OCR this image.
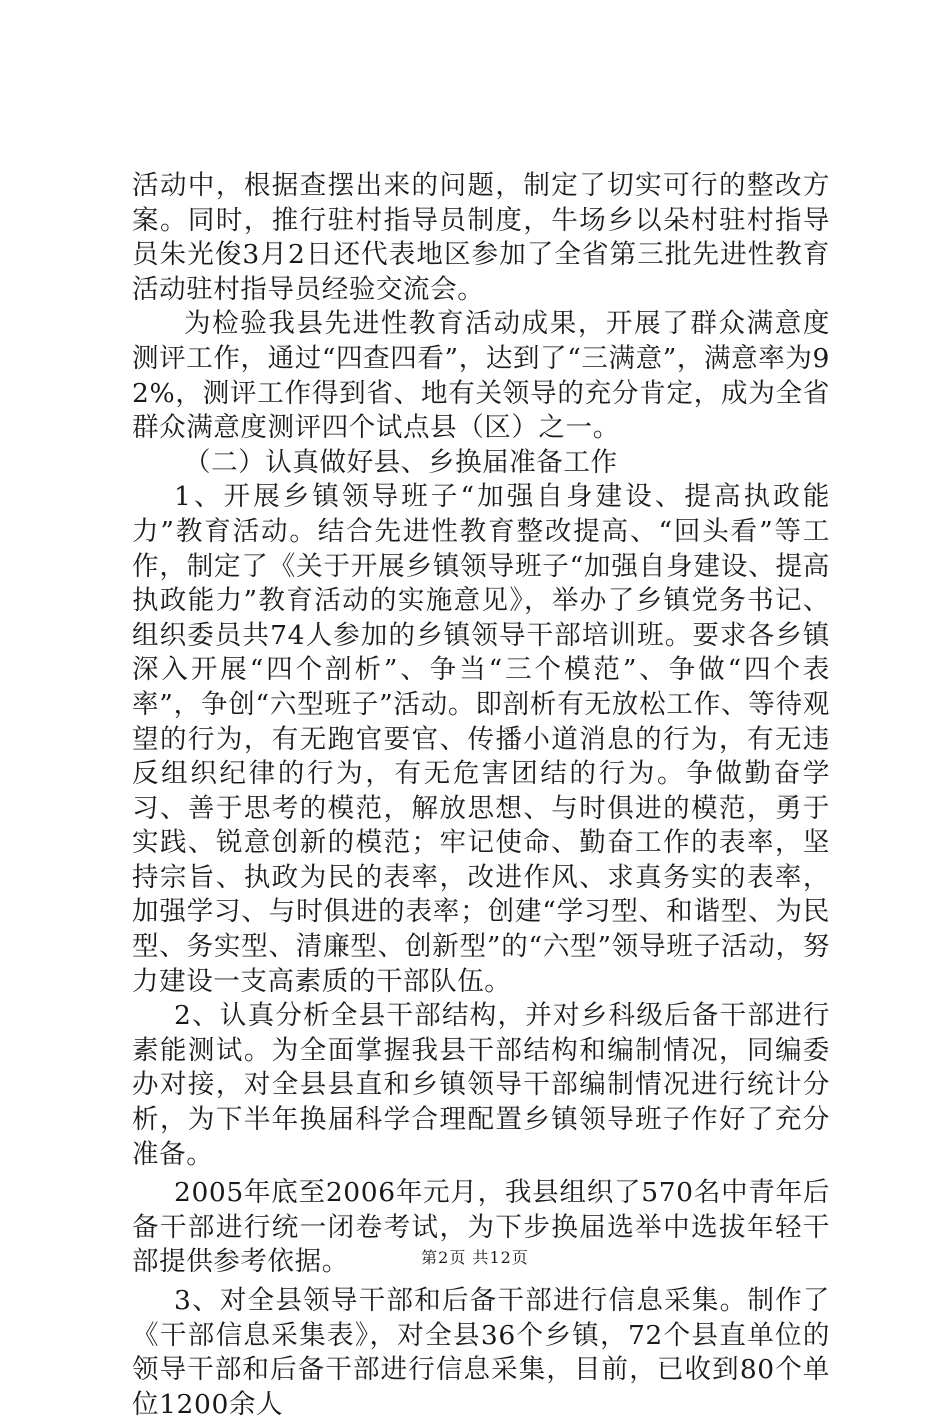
活动中，根据查摆出来的问题，制定了切实可行的整改方案。同时，推行驻村指导员制度，牛场乡以朵村驻村指导员朱光俊3月2日还代表地区参加了全省第三批先进性教育活动驻村指导员经验交流会。

为检验我县先进性教育活动成果，开展了群众满意度测评工作，通过“四查四看”，达到了“三满意”，满意率为92%，测评工作得到省、地有关领导的充分肯定，成为全省群众满意度测评四个试点县（区）之一。

（二）认真做好县、乡换届准备工作

1、开展乡镇领导班子“加强自身建设、提高执政能力”教育活动。结合先进性教育整改提高、“回头看”等工作，制定了《关于开展乡镇领导班子“加强自身建设、提高执政能力”教育活动的实施意见》，举办了乡镇党务书记、组织委员共74人参加的乡镇领导干部培训班。要求各乡镇深入开展“四个剖析”、争当“三个模范”、争做“四个表率”，争创“六型班子”活动。即剖析有无放松工作、等待观望的行为，有无跑官要官、传播小道消息的行为，有无违反组织纪律的行为，有无危害团结的行为。争做勤奋学习、善于思考的模范，解放思想、与时俱进的模范，勇于实践、锐意创新的模范；牢记使命、勤奋工作的表率，坚持宗旨、执政为民的表率，改进作风、求真务实的表率，加强学习、与时俱进的表率；创建“学习型、和谐型、为民型、务实型、清廉型、创新型”的“六型”领导班子活动，努力建设一支高素质的干部队伍。

2、认真分析全县干部结构，并对乡科级后备干部进行素能测试。为全面掌握我县干部结构和编制情况，同编委办对接，对全县县直和乡镇领导干部编制情况进行统计分析，为下半年换届科学合理配置乡镇领导班子作好了充分准备。

2005年底至2006年元月，我县组织了570名中青年后备干部进行统一闭卷考试，为下步换届选举中选拔年轻干部提供参考依据。

3、对全县领导干部和后备干部进行信息采集。制作了《干部信息采集表》，对全县36个乡镇，72个县直单位的领导干部和后备干部进行信息采集，目前，已收到80个单位1200余人

第2页 共12页
